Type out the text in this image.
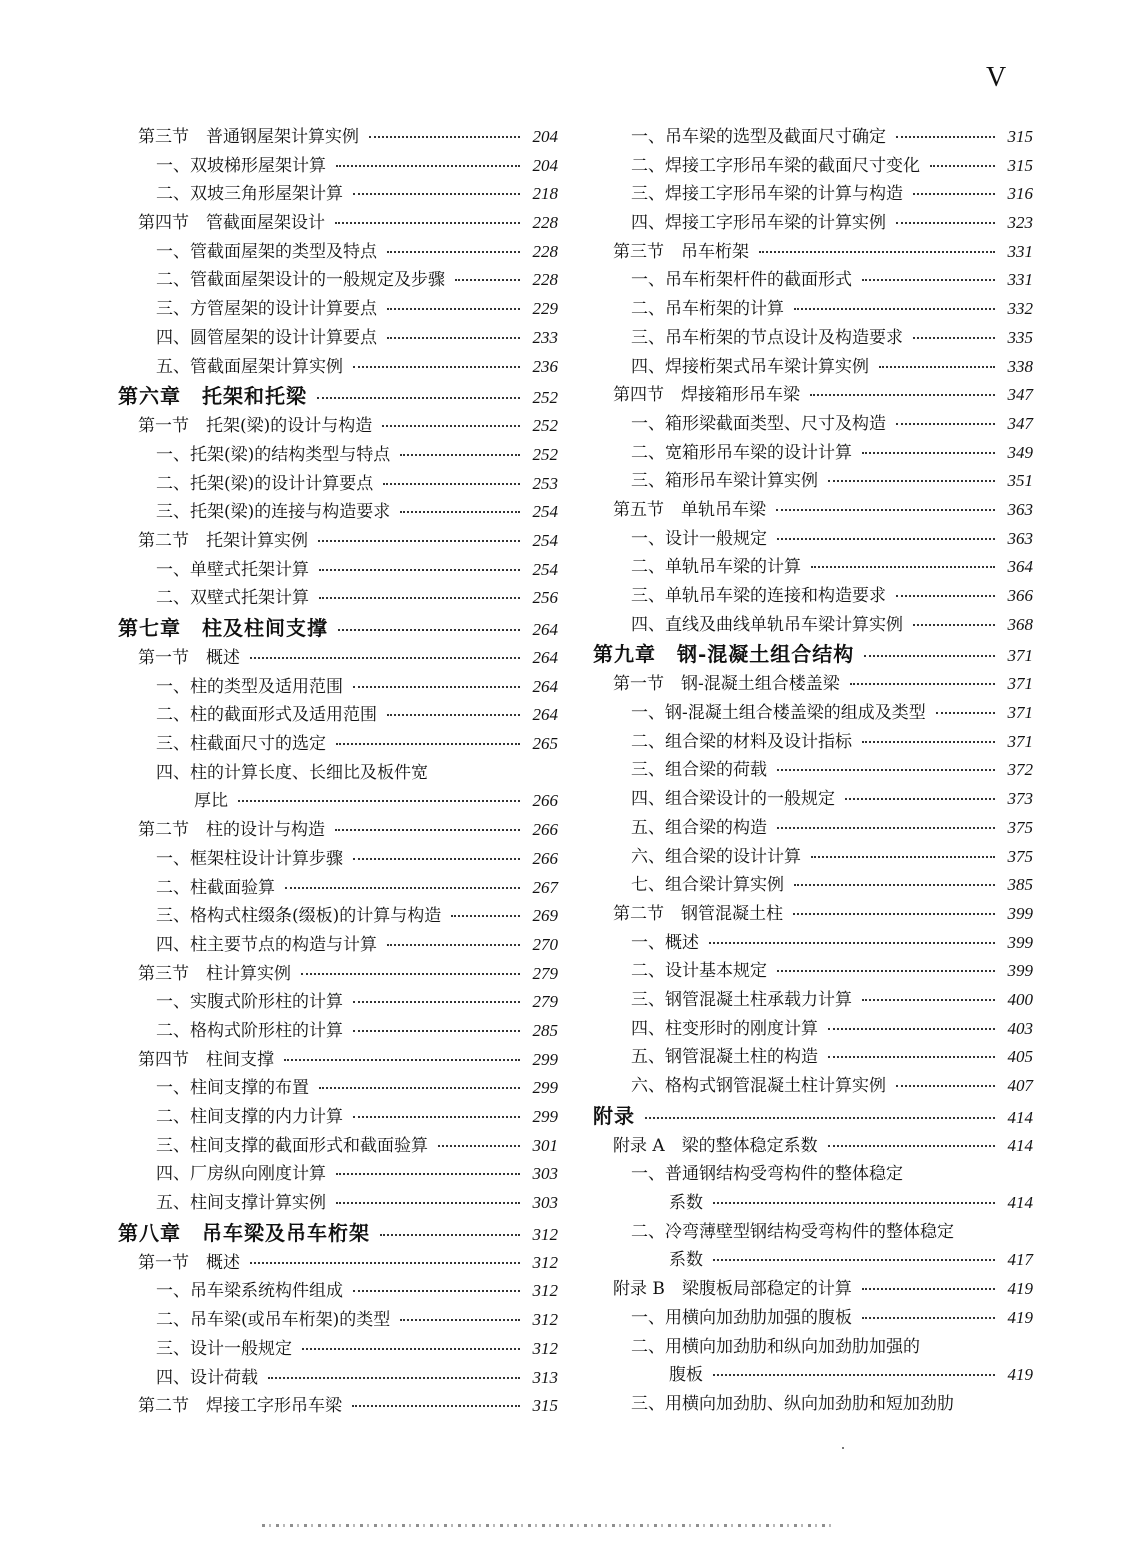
V
第三节　普通钢屋架计算实例	204
一、双坡梯形屋架计算	204
二、双坡三角形屋架计算	218
第四节　管截面屋架设计	228
一、管截面屋架的类型及特点	228
二、管截面屋架设计的一般规定及步骤	228
三、方管屋架的设计计算要点	229
四、圆管屋架的设计计算要点	233
五、管截面屋架计算实例	236
第六章　托架和托梁	252
第一节　托架(梁)的设计与构造	252
一、托架(梁)的结构类型与特点	252
二、托架(梁)的设计计算要点	253
三、托架(梁)的连接与构造要求	254
第二节　托架计算实例	254
一、单壁式托架计算	254
二、双壁式托架计算	256
第七章　柱及柱间支撑	264
第一节　概述	264
一、柱的类型及适用范围	264
二、柱的截面形式及适用范围	264
三、柱截面尺寸的选定	265
四、柱的计算长度、长细比及板件宽
厚比	266
第二节　柱的设计与构造	266
一、框架柱设计计算步骤	266
二、柱截面验算	267
三、格构式柱缀条(缀板)的计算与构造	269
四、柱主要节点的构造与计算	270
第三节　柱计算实例	279
一、实腹式阶形柱的计算	279
二、格构式阶形柱的计算	285
第四节　柱间支撑	299
一、柱间支撑的布置	299
二、柱间支撑的内力计算	299
三、柱间支撑的截面形式和截面验算	301
四、厂房纵向刚度计算	303
五、柱间支撑计算实例	303
第八章　吊车梁及吊车桁架	312
第一节　概述	312
一、吊车梁系统构件组成	312
二、吊车梁(或吊车桁架)的类型	312
三、设计一般规定	312
四、设计荷载	313
第二节　焊接工字形吊车梁	315
一、吊车梁的选型及截面尺寸确定	315
二、焊接工字形吊车梁的截面尺寸变化	315
三、焊接工字形吊车梁的计算与构造	316
四、焊接工字形吊车梁的计算实例	323
第三节　吊车桁架	331
一、吊车桁架杆件的截面形式	331
二、吊车桁架的计算	332
三、吊车桁架的节点设计及构造要求	335
四、焊接桁架式吊车梁计算实例	338
第四节　焊接箱形吊车梁	347
一、箱形梁截面类型、尺寸及构造	347
二、宽箱形吊车梁的设计计算	349
三、箱形吊车梁计算实例	351
第五节　单轨吊车梁	363
一、设计一般规定	363
二、单轨吊车梁的计算	364
三、单轨吊车梁的连接和构造要求	366
四、直线及曲线单轨吊车梁计算实例	368
第九章　钢-混凝土组合结构	371
第一节　钢-混凝土组合楼盖梁	371
一、钢-混凝土组合楼盖梁的组成及类型	371
二、组合梁的材料及设计指标	371
三、组合梁的荷载	372
四、组合梁设计的一般规定	373
五、组合梁的构造	375
六、组合梁的设计计算	375
七、组合梁计算实例	385
第二节　钢管混凝土柱	399
一、概述	399
二、设计基本规定	399
三、钢管混凝土柱承载力计算	400
四、柱变形时的刚度计算	403
五、钢管混凝土柱的构造	405
六、格构式钢管混凝土柱计算实例	407
附录	414
附录 A　梁的整体稳定系数	414
一、普通钢结构受弯构件的整体稳定
系数	414
二、冷弯薄壁型钢结构受弯构件的整体稳定
系数	417
附录 B　梁腹板局部稳定的计算	419
一、用横向加劲肋加强的腹板	419
二、用横向加劲肋和纵向加劲肋加强的
腹板	419
三、用横向加劲肋、纵向加劲肋和短加劲肋
